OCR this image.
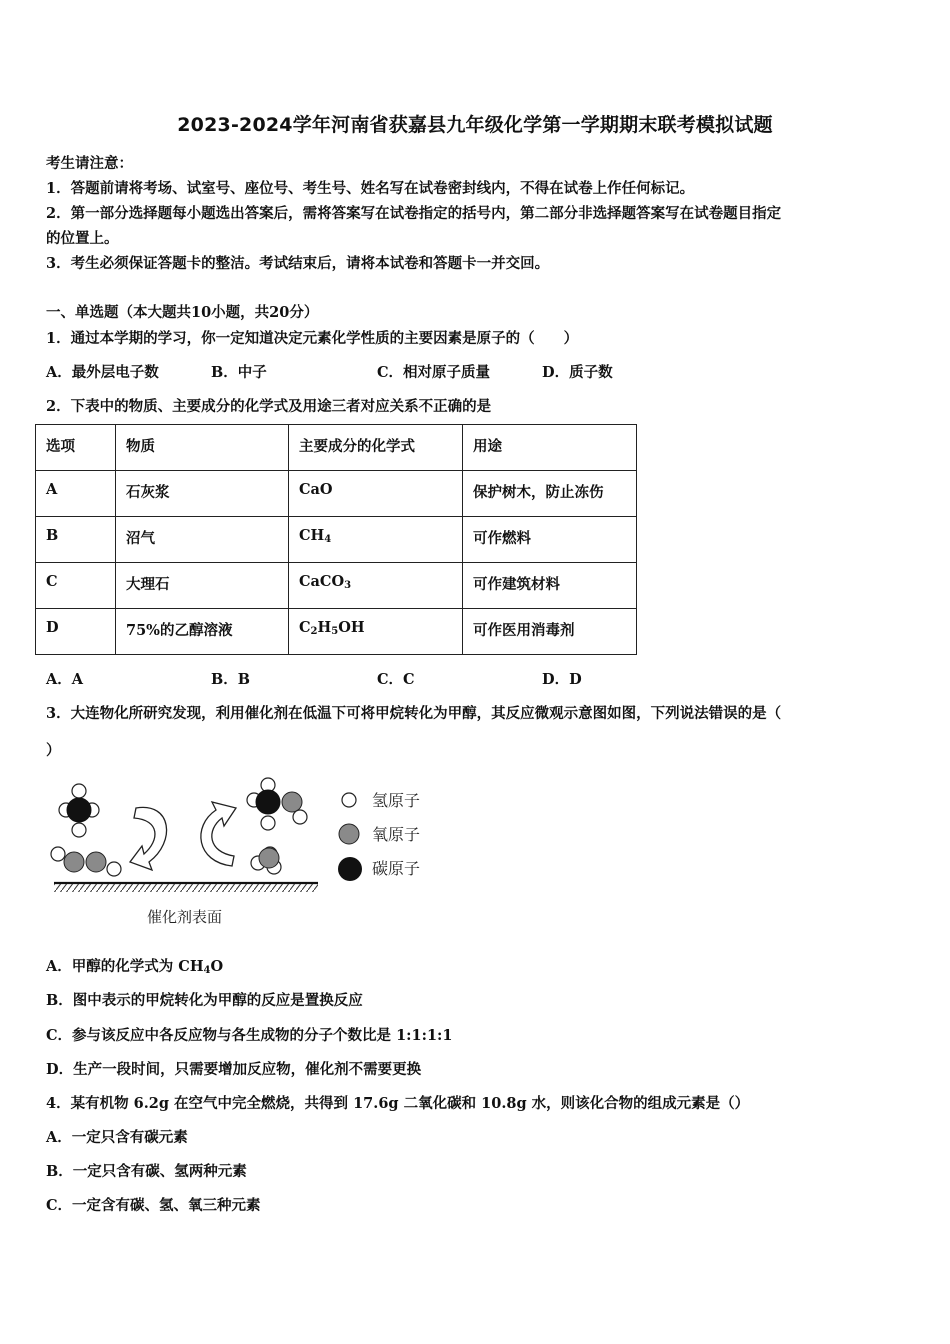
2023-2024学年河南省获嘉县九年级化学第一学期期末联考模拟试题
考生请注意：
1．答题前请将考场、试室号、座位号、考生号、姓名写在试卷密封线内，不得在试卷上作任何标记。
2．第一部分选择题每小题选出答案后，需将答案写在试卷指定的括号内，第二部分非选择题答案写在试卷题目指定
的位置上。
3．考生必须保证答题卡的整洁。考试结束后，请将本试卷和答题卡一并交回。
一、单选题（本大题共10小题，共20分）
1．通过本学期的学习，你一定知道决定元素化学性质的主要因素是原子的（　　）
A．最外层电子数	B．中子	C．相对原子质量	D．质子数
2．下表中的物质、主要成分的化学式及用途三者对应关系不正确的是
选项	物质	主要成分的化学式	用途
A	石灰浆	CaO	保护树木，防止冻伤
B	沼气	$CH_4$	可作燃料
C	大理石	CaCO$_3$	可作建筑材料
D	75%的乙醇溶液	$C_2H_5OH$	可作医用消毒剂
A．A	B．B	C．C	D．D
3．大连物化所研究发现，利用催化剂在低温下可将甲烷转化为甲醇，其反应微观示意图如图，下列说法错误的是（
）
催化剂表面
氢原子
氧原子
碳原子
A．甲醇的化学式为 $CH_4O$
B．图中表示的甲烷转化为甲醇的反应是置换反应
C．参与该反应中各反应物与各生成物的分子个数比是 1:1:1:1
D．生产一段时间，只需要增加反应物，催化剂不需要更换
4．某有机物 6.2g 在空气中完全燃烧，共得到 17.6g 二氧化碳和 10.8g 水，则该化合物的组成元素是（）
A．一定只含有碳元素
B．一定只含有碳、氢两种元素
C．一定含有碳、氢、氧三种元素
